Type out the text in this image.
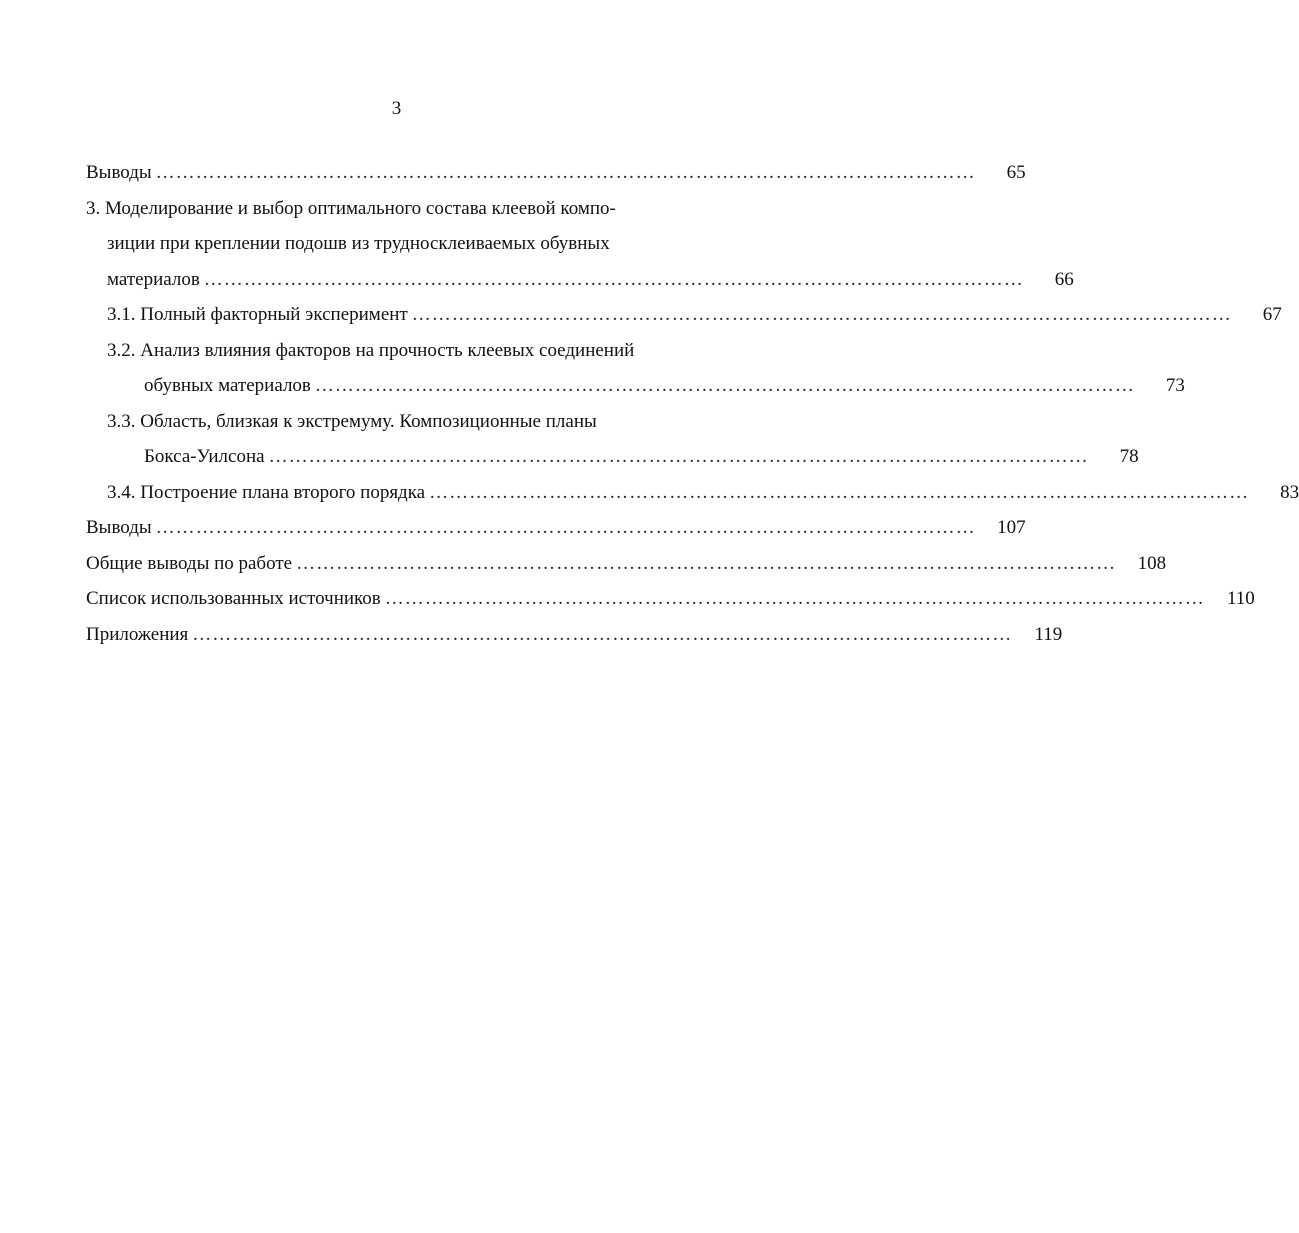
3
Выводы ……………………………………………………………………………………………………………	65
3. Моделирование и выбор оптимального состава клеевой компо-
зиции при креплении подошв из трудносклеиваемых обувных
материалов ……………………………………………………………………………………………………………	66
3.1. Полный факторный эксперимент ……………………………………………………………………………………………………………	67
3.2. Анализ влияния факторов на прочность клеевых соединений
обувных материалов ……………………………………………………………………………………………………………	73
3.3. Область, близкая к экстремуму. Композиционные планы
Бокса-Уилсона ……………………………………………………………………………………………………………	78
3.4. Построение плана второго порядка ……………………………………………………………………………………………………………	83
Выводы ……………………………………………………………………………………………………………	107
Общие выводы по работе ……………………………………………………………………………………………………………	108
Список использованных источников ……………………………………………………………………………………………………………	110
Приложения ……………………………………………………………………………………………………………	119
